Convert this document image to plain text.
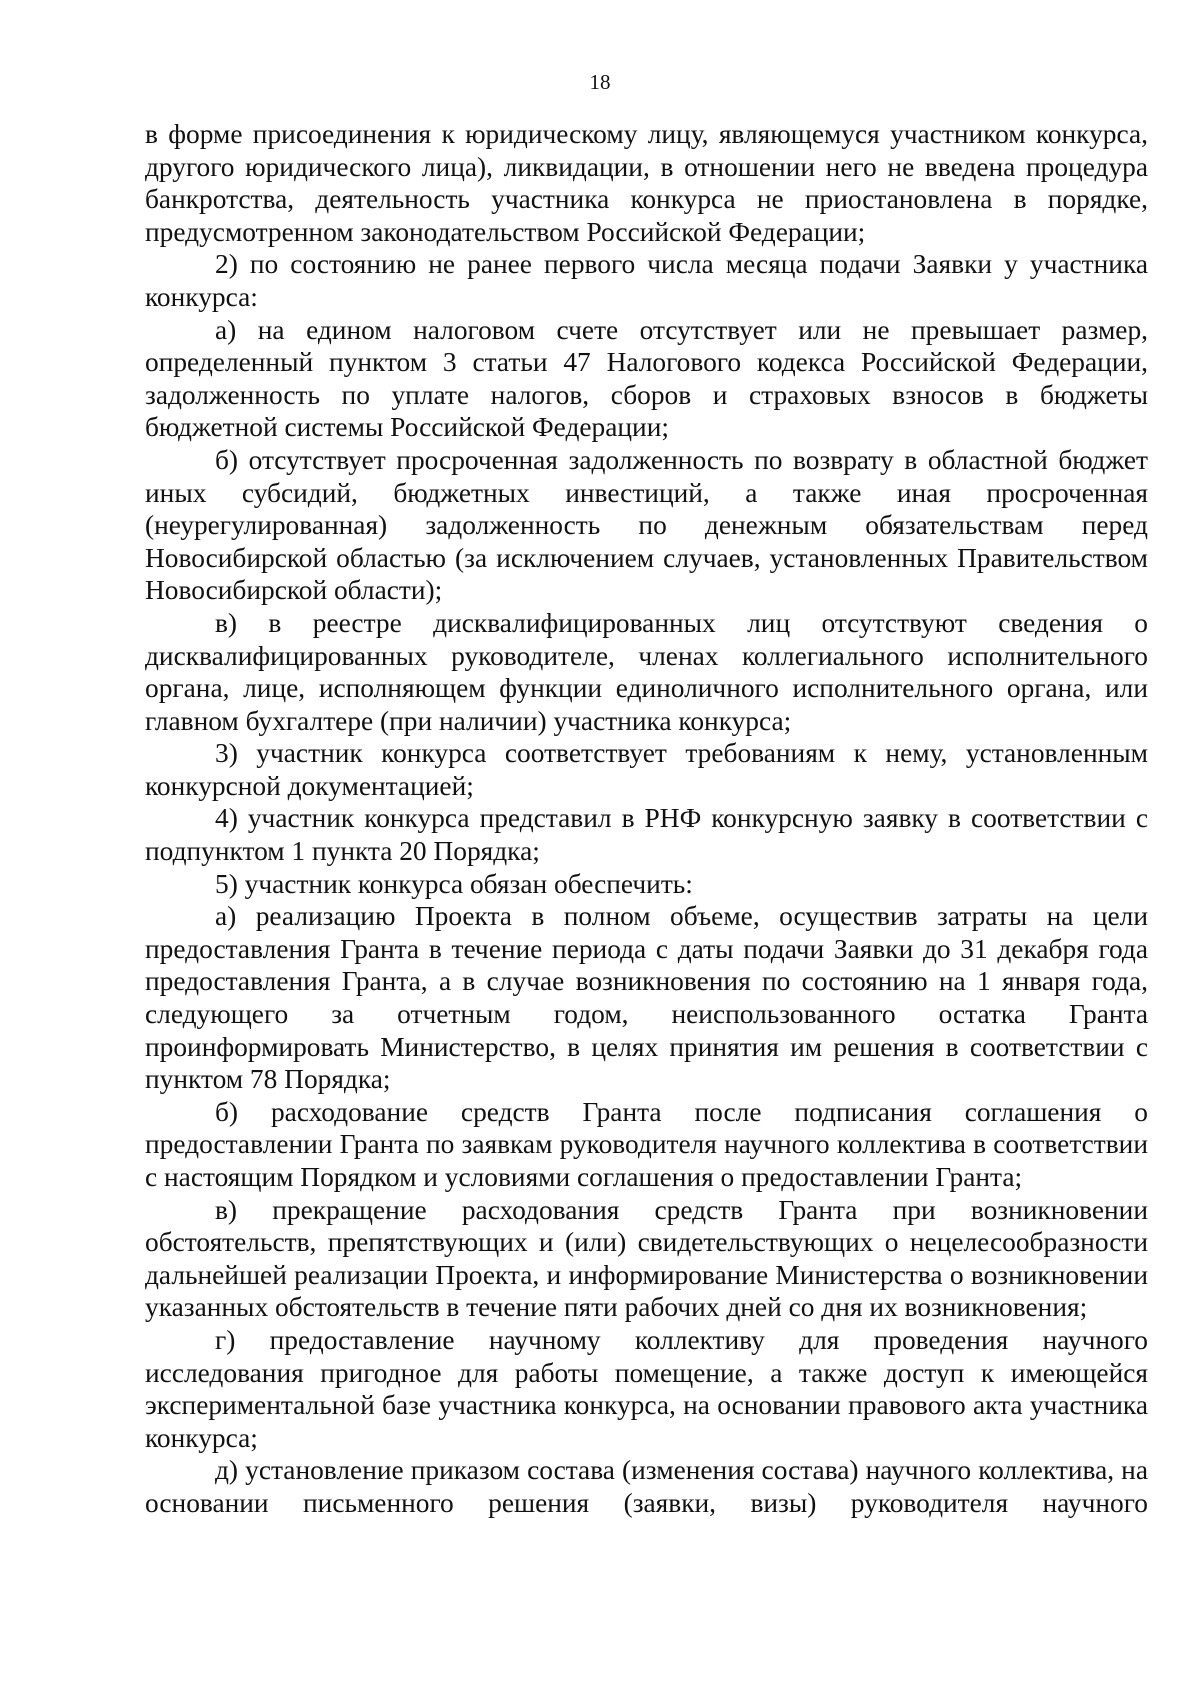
18

в форме присоединения к юридическому лицу, являющемуся участником конкурса, другого юридического лица), ликвидации, в отношении него не введена процедура банкротства, деятельность участника конкурса не приостановлена в порядке, предусмотренном законодательством Российской Федерации;

2) по состоянию не ранее первого числа месяца подачи Заявки у участника конкурса:

а) на едином налоговом счете отсутствует или не превышает размер, определенный пунктом 3 статьи 47 Налогового кодекса Российской Федерации, задолженность по уплате налогов, сборов и страховых взносов в бюджеты бюджетной системы Российской Федерации;

б) отсутствует просроченная задолженность по возврату в областной бюджет иных субсидий, бюджетных инвестиций, а также иная просроченная (неурегулированная) задолженность по денежным обязательствам перед Новосибирской областью (за исключением случаев, установленных Правительством Новосибирской области);

в) в реестре дисквалифицированных лиц отсутствуют сведения о дисквалифицированных руководителе, членах коллегиального исполнительного органа, лице, исполняющем функции единоличного исполнительного органа, или главном бухгалтере (при наличии) участника конкурса;

3) участник конкурса соответствует требованиям к нему, установленным конкурсной документацией;

4) участник конкурса представил в РНФ конкурсную заявку в соответствии с подпунктом 1 пункта 20 Порядка;

5) участник конкурса обязан обеспечить:

а) реализацию Проекта в полном объеме, осуществив затраты на цели предоставления Гранта в течение периода с даты подачи Заявки до 31 декабря года предоставления Гранта, а в случае возникновения по состоянию на 1 января года, следующего за отчетным годом, неиспользованного остатка Гранта проинформировать Министерство, в целях принятия им решения в соответствии с пунктом 78 Порядка;

б) расходование средств Гранта после подписания соглашения о предоставлении Гранта по заявкам руководителя научного коллектива в соответствии с настоящим Порядком и условиями соглашения о предоставлении Гранта;

в) прекращение расходования средств Гранта при возникновении обстоятельств, препятствующих и (или) свидетельствующих о нецелесообразности дальнейшей реализации Проекта, и информирование Министерства о возникновении указанных обстоятельств в течение пяти рабочих дней со дня их возникновения;

г) предоставление научному коллективу для проведения научного исследования пригодное для работы помещение, а также доступ к имеющейся экспериментальной базе участника конкурса, на основании правового акта участника конкурса;

д) установление приказом состава (изменения состава) научного коллектива, на основании письменного решения (заявки, визы) руководителя научного
